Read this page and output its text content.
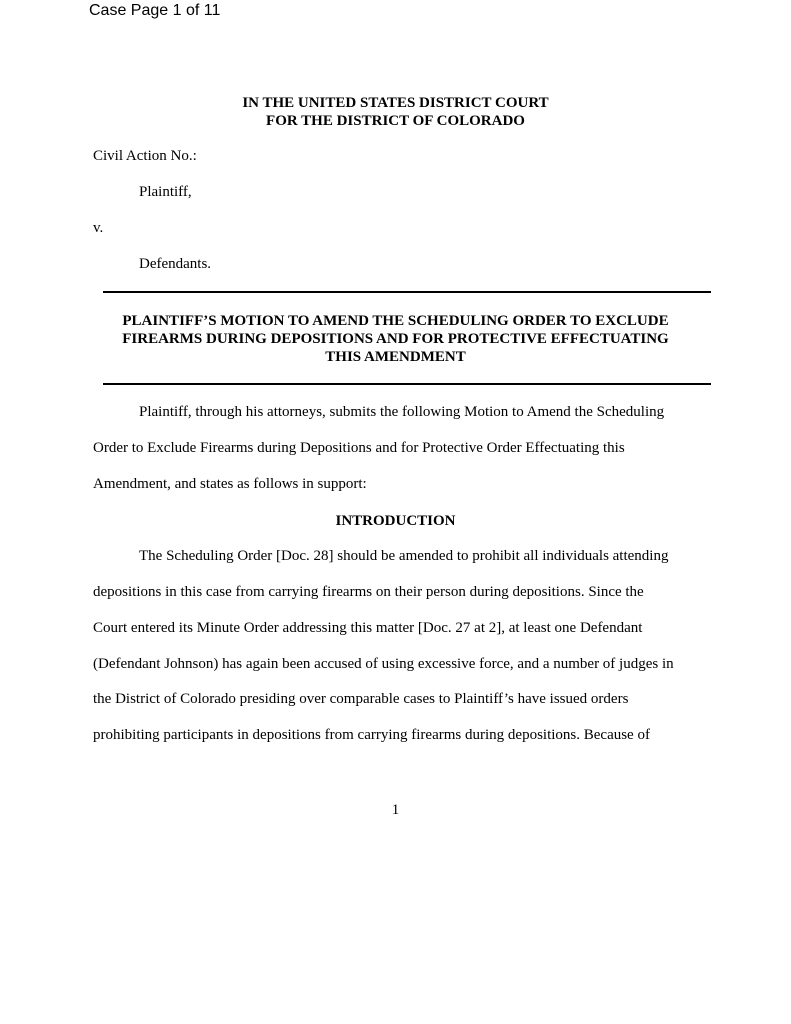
Case Page 1 of 11
IN THE UNITED STATES DISTRICT COURT
FOR THE DISTRICT OF COLORADO
Civil Action No.:
Plaintiff,
v.
Defendants.
PLAINTIFF’S MOTION TO AMEND THE SCHEDULING ORDER TO EXCLUDE
FIREARMS DURING DEPOSITIONS AND FOR PROTECTIVE EFFECTUATING
THIS AMENDMENT
Plaintiff, through his attorneys, submits the following Motion to Amend the Scheduling
Order to Exclude Firearms during Depositions and for Protective Order Effectuating this
Amendment, and states as follows in support:
INTRODUCTION
The Scheduling Order [Doc. 28] should be amended to prohibit all individuals attending
depositions in this case from carrying firearms on their person during depositions. Since the
Court entered its Minute Order addressing this matter [Doc. 27 at 2], at least one Defendant
(Defendant Johnson) has again been accused of using excessive force, and a number of judges in
the District of Colorado presiding over comparable cases to Plaintiff’s have issued orders
prohibiting participants in depositions from carrying firearms during depositions. Because of
1
